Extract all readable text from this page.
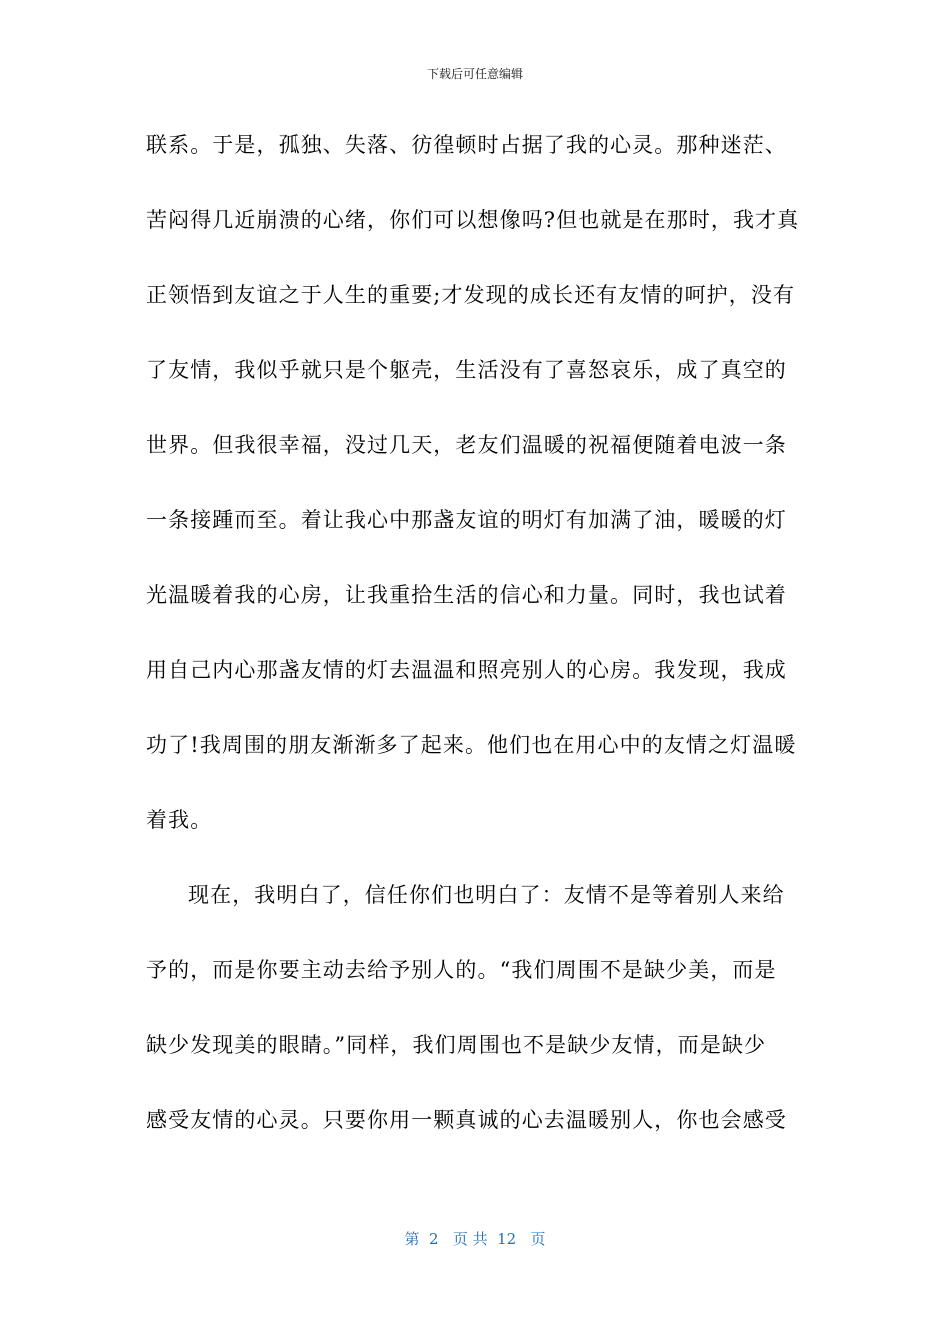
下载后可任意编辑
联系。于是，孤独、失落、彷徨顿时占据了我的心灵。那种迷茫、
苦闷得几近崩溃的心绪，你们可以想像吗?但也就是在那时，我才真
正领悟到友谊之于人生的重要;才发现的成长还有友情的呵护，没有
了友情，我似乎就只是个躯壳，生活没有了喜怒哀乐，成了真空的
世界。但我很幸福，没过几天，老友们温暖的祝福便随着电波一条
一条接踵而至。着让我心中那盏友谊的明灯有加满了油，暖暖的灯
光温暖着我的心房，让我重拾生活的信心和力量。同时，我也试着
用自己内心那盏友情的灯去温温和照亮别人的心房。我发现，我成
功了!我周围的朋友渐渐多了起来。他们也在用心中的友情之灯温暖
着我。
现在，我明白了，信任你们也明白了：友情不是等着别人来给
予的，而是你要主动去给予别人的。“我们周围不是缺少美，而是
缺少发现美的眼睛。”同样，我们周围也不是缺少友情，而是缺少
感受友情的心灵。只要你用一颗真诚的心去温暖别人，你也会感受
第  2   页 共  12   页
